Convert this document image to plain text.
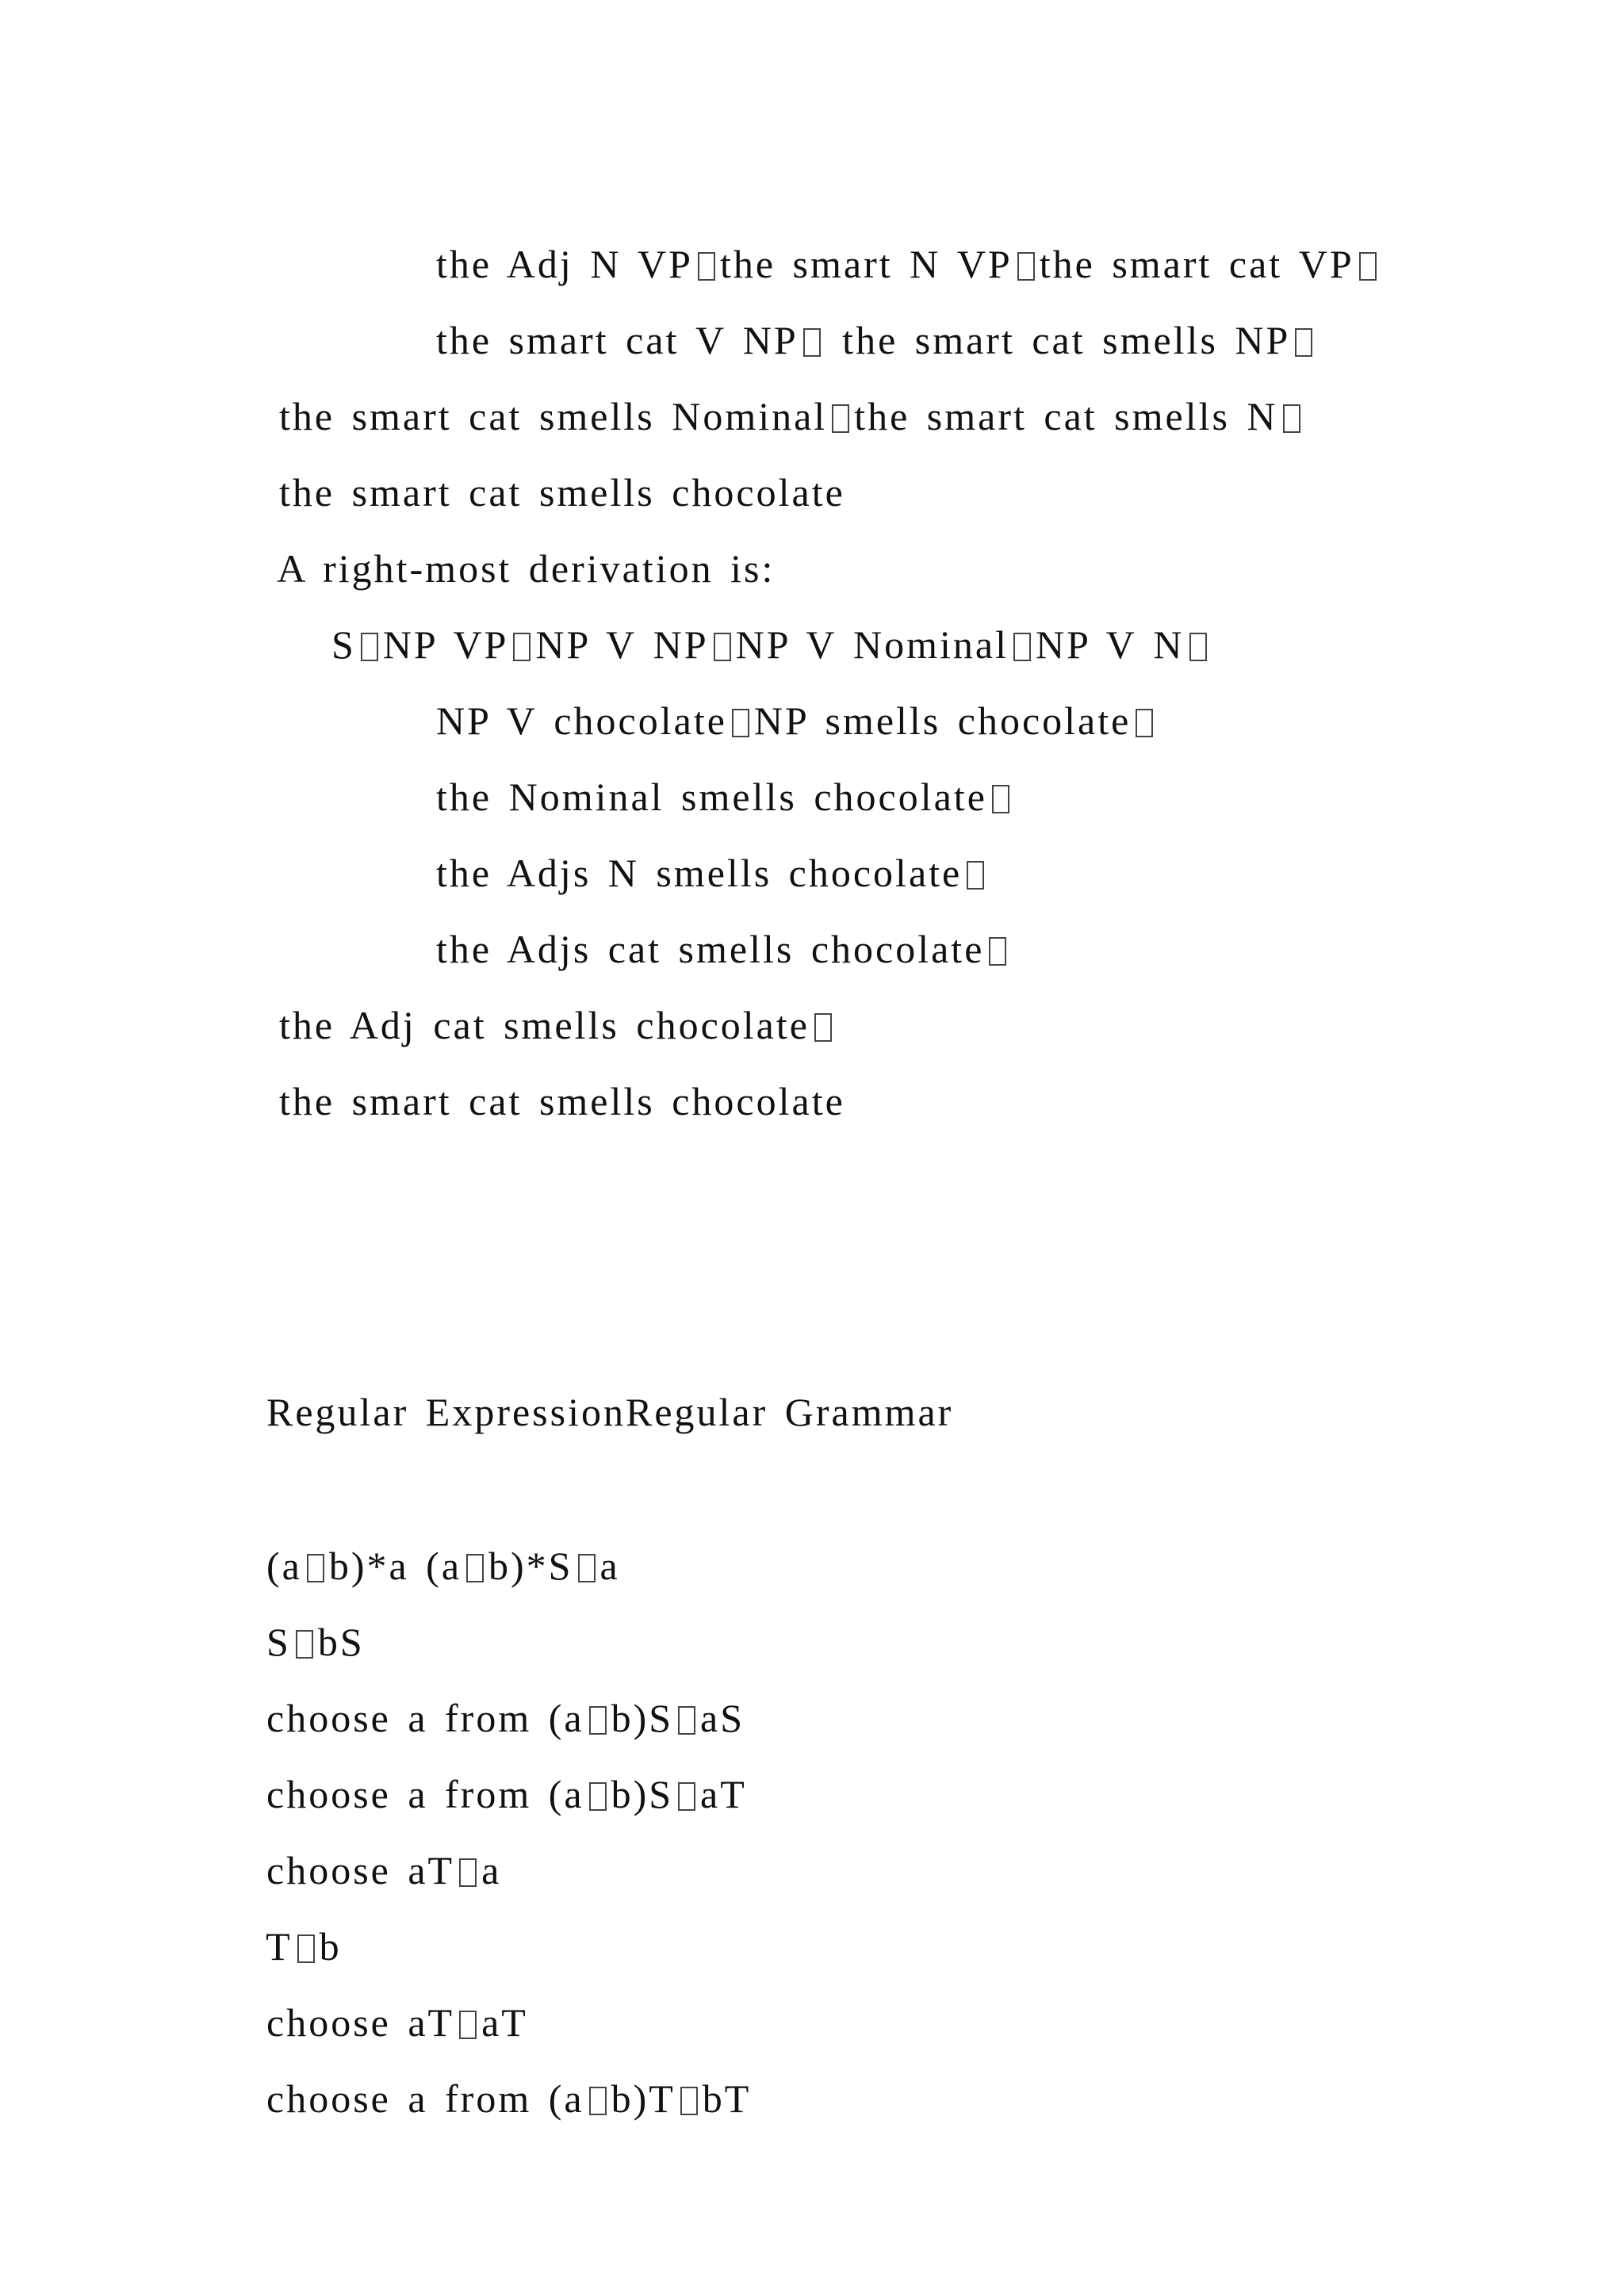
the Adj N VP the smart N VP the smart cat VP

the smart cat V NP the smart cat smells NP

the smart cat smells Nominal the smart cat smells N

the smart cat smells chocolate

A right-most derivation is:

S NP VP NP V NP NP V Nominal NP V N

NP V chocolate NP smells chocolate

the Nominal smells chocolate

the Adjs N smells chocolate

the Adjs cat smells chocolate

the Adj cat smells chocolate

the smart cat smells chocolate

Regular ExpressionRegular Grammar

(a b)*a (a b)*S a

S bS

choose a from (a b)S aS

choose a from (a b)S aT

choose aT a

T b

choose aT aT

choose a from (a b)T bT
